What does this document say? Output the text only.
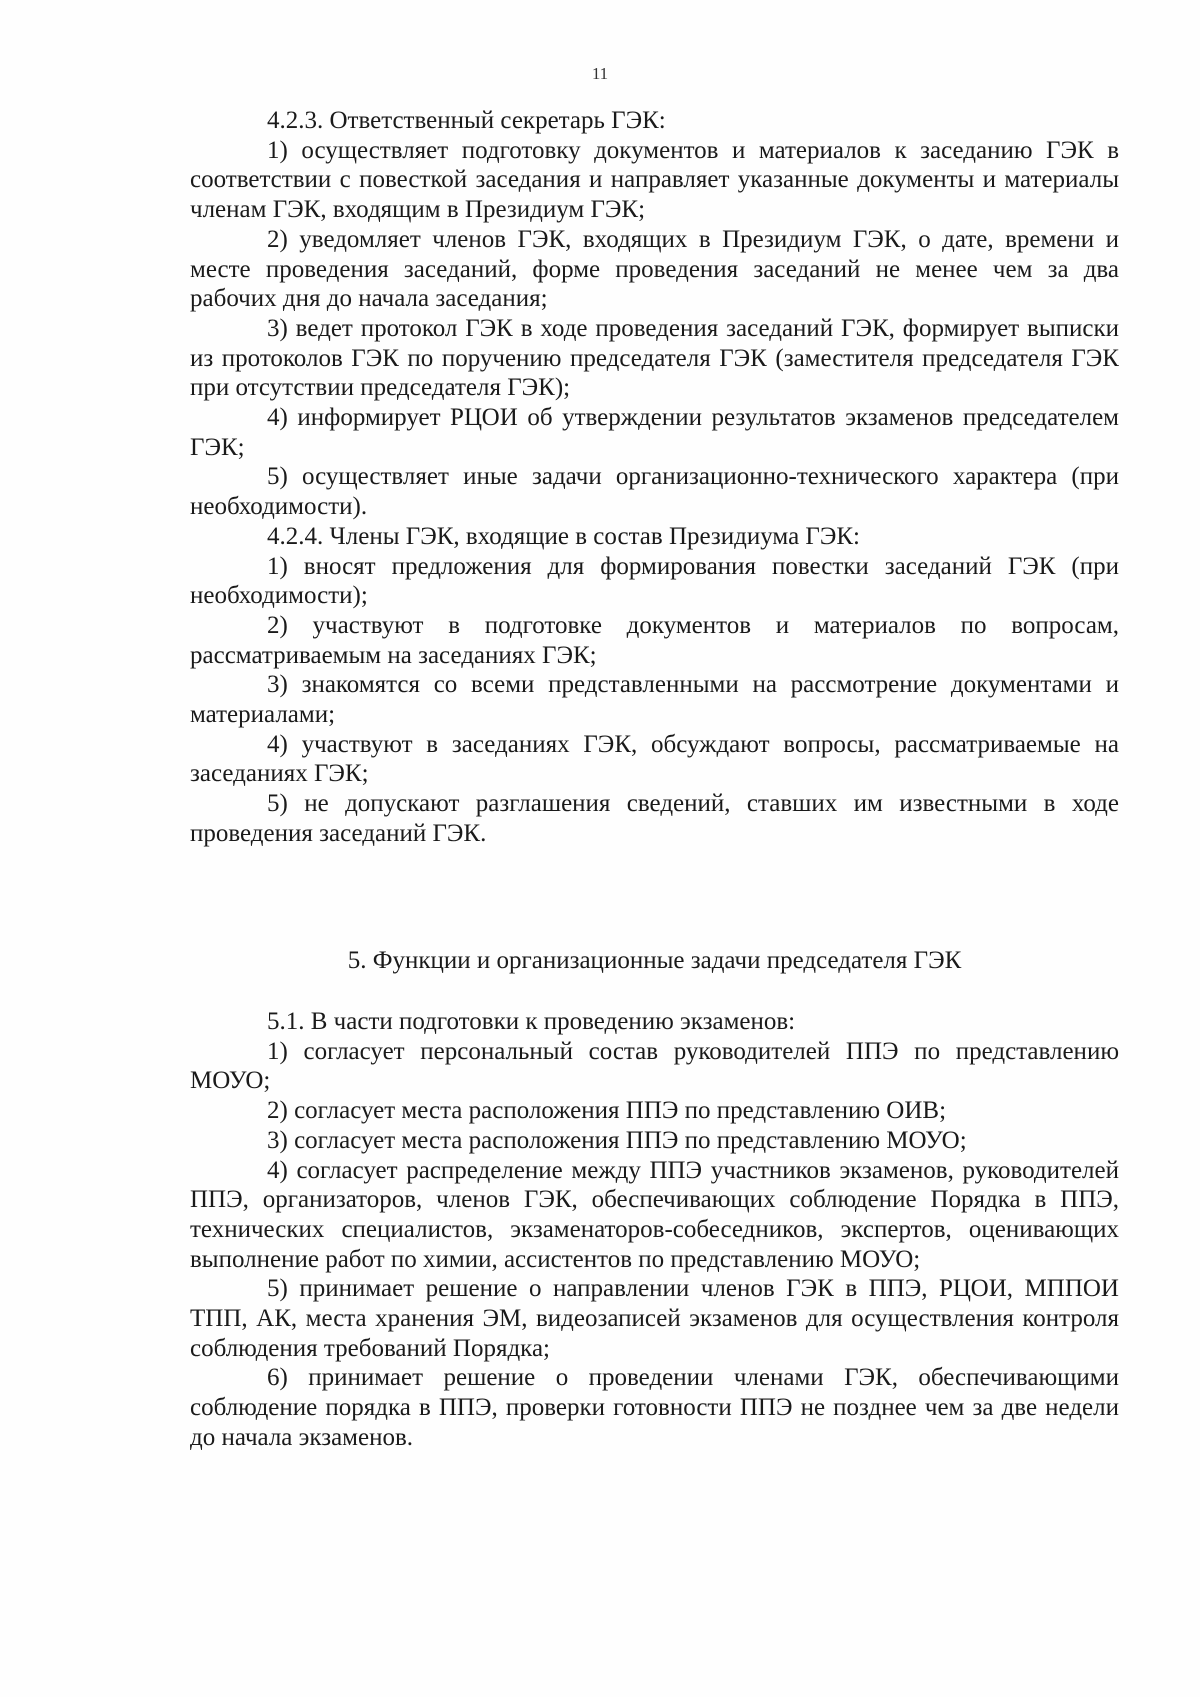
11

4.2.3. Ответственный секретарь ГЭК:

1) осуществляет подготовку документов и материалов к заседанию ГЭК в соответствии с повесткой заседания и направляет указанные документы и материалы членам ГЭК, входящим в Президиум ГЭК;

2) уведомляет членов ГЭК, входящих в Президиум ГЭК, о дате, времени и месте проведения заседаний, форме проведения заседаний не менее чем за два рабочих дня до начала заседания;

3) ведет протокол ГЭК в ходе проведения заседаний ГЭК, формирует выписки из протоколов ГЭК по поручению председателя ГЭК (заместителя председателя ГЭК при отсутствии председателя ГЭК);

4) информирует РЦОИ об утверждении результатов экзаменов председателем ГЭК;

5) осуществляет иные задачи организационно-технического характера (при необходимости).

4.2.4. Члены ГЭК, входящие в состав Президиума ГЭК:

1) вносят предложения для формирования повестки заседаний ГЭК (при необходимости);

2) участвуют в подготовке документов и материалов по вопросам, рассматриваемым на заседаниях ГЭК;

3) знакомятся со всеми представленными на рассмотрение документами и материалами;

4) участвуют в заседаниях ГЭК, обсуждают вопросы, рассматриваемые на заседаниях ГЭК;

5) не допускают разглашения сведений, ставших им известными в ходе проведения заседаний ГЭК.

5. Функции и организационные задачи председателя ГЭК

5.1. В части подготовки к проведению экзаменов:

1) согласует персональный состав руководителей ППЭ по представлению МОУО;

2) согласует места расположения ППЭ по представлению ОИВ;

3) согласует места расположения ППЭ по представлению МОУО;

4) согласует распределение между ППЭ участников экзаменов, руководителей ППЭ, организаторов, членов ГЭК, обеспечивающих соблюдение Порядка в ППЭ, технических специалистов, экзаменаторов-собеседников, экспертов, оценивающих выполнение работ по химии, ассистентов по представлению МОУО;

5) принимает решение о направлении членов ГЭК в ППЭ, РЦОИ, МППОИ ТПП, АК, места хранения ЭМ, видеозаписей экзаменов для осуществления контроля соблюдения требований Порядка;

6) принимает решение о проведении членами ГЭК, обеспечивающими соблюдение порядка в ППЭ, проверки готовности ППЭ не позднее чем за две недели до начала экзаменов.
